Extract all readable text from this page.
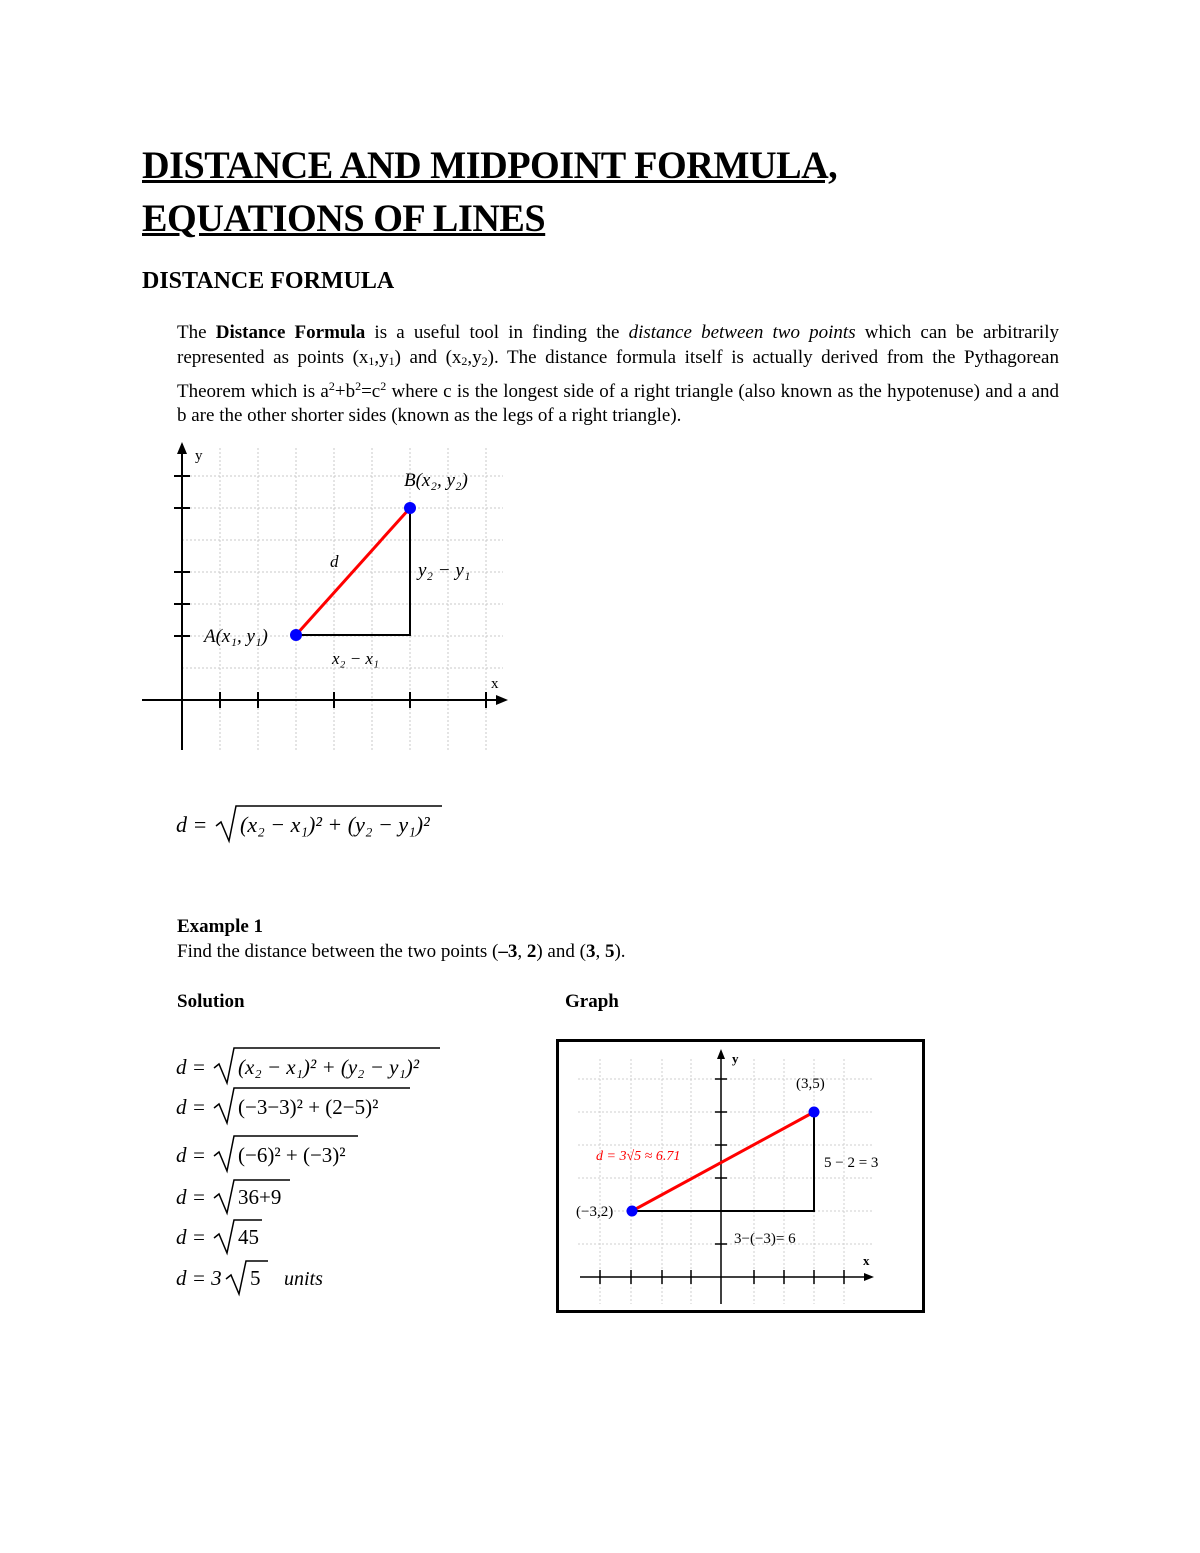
DISTANCE AND MIDPOINT FORMULA,
EQUATIONS OF LINES
DISTANCE FORMULA
The Distance Formula is a useful tool in finding the distance between two points which can be arbitrarily represented as points (x1,y1) and (x2,y2). The distance formula itself is actually derived from the Pythagorean Theorem which is $a^2+b^2=c^2$ where c is the longest side of a right triangle (also known as the hypotenuse) and a and b are the other shorter sides (known as the legs of a right triangle).
y
x
A(x₁, y₁)
B(x₂, y₂)
d	y₂ − y₁
x₂ − x₁
d = (x₂ − x₁)² + (y₂ − y₁)²
Example 1
Find the distance between the two points (–3, 2) and (3, 5).
Solution	Graph
d = (x₂ − x₁)² + (y₂ − y₁)²
d = (−3−3)² + (2−5)²
d = (−6)² + (−3)²
d = 36+9
d = 45
d = 3 5 units
y
x
(−3,2)
(3,5)
d = 3√5 ≈ 6.71	5 − 2 = 3
3−(−3)= 6
